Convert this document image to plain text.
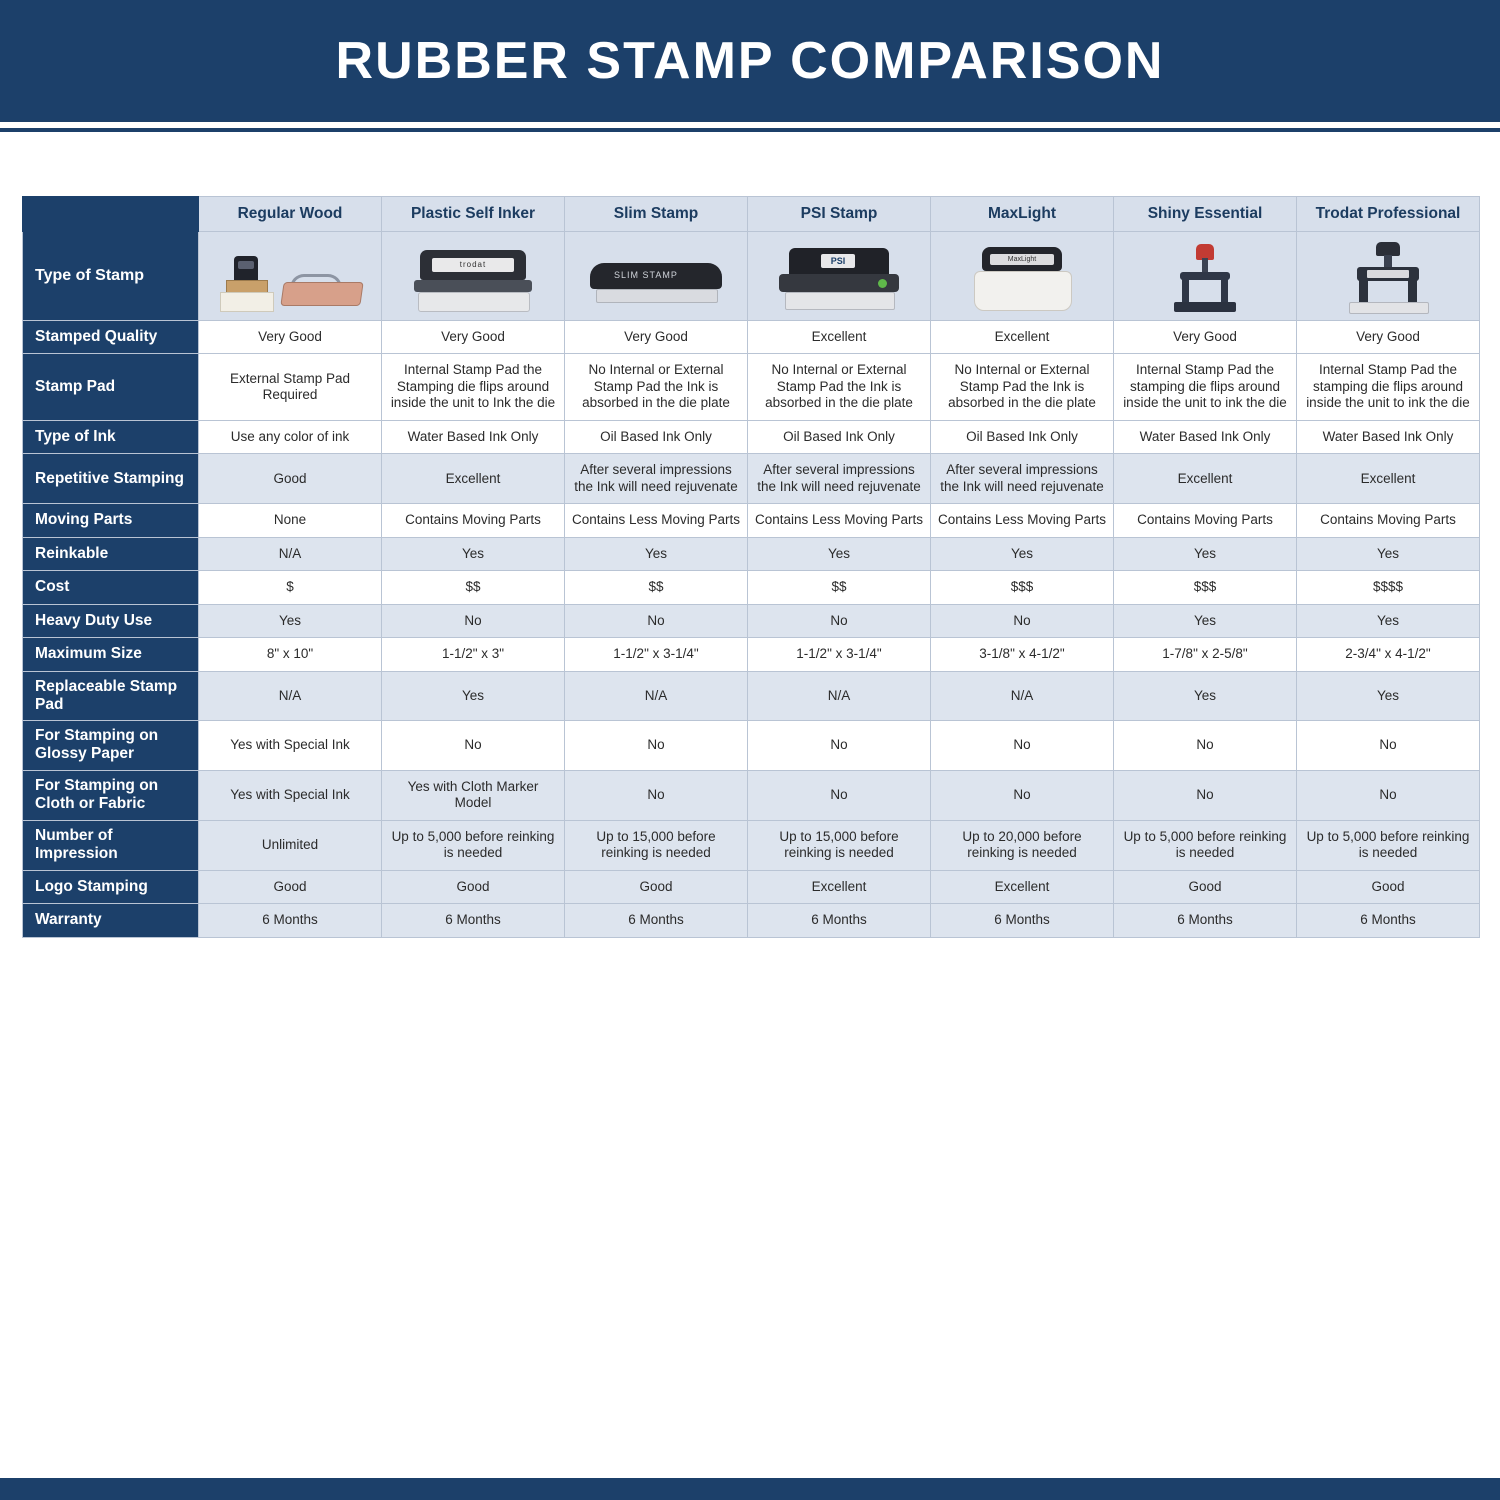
RUBBER STAMP COMPARISON
	Regular Wood	Plastic Self Inker	Slim Stamp	PSI Stamp	MaxLight	Shiny Essential	Trodat Professional
Type of Stamp		trodat	SLIM STAMP	PSI	MaxLight		

Stamped Quality	Very Good	Very Good	Very Good	Excellent	Excellent	Very Good	Very Good
Stamp Pad	External Stamp Pad Required	Internal Stamp Pad the Stamping die flips around inside the unit to Ink the die	No Internal or External Stamp Pad the Ink is absorbed in the die plate	No Internal or External Stamp Pad the Ink is absorbed in the die plate	No Internal or External Stamp Pad the Ink is absorbed in the die plate	Internal Stamp Pad the stamping die flips around inside the unit to ink the die	Internal Stamp Pad the stamping die flips around inside the unit to ink the die
Type of Ink	Use any color of ink	Water Based Ink Only	Oil Based Ink Only	Oil Based Ink Only	Oil Based Ink Only	Water Based Ink Only	Water Based Ink Only
Repetitive Stamping	Good	Excellent	After several impressions the Ink will need rejuvenate	After several impressions the Ink will need rejuvenate	After several impressions the Ink will need rejuvenate	Excellent	Excellent
Moving Parts	None	Contains Moving Parts	Contains Less Moving Parts	Contains Less Moving Parts	Contains Less Moving Parts	Contains Moving Parts	Contains Moving Parts
Reinkable	N/A	Yes	Yes	Yes	Yes	Yes	Yes
Cost	$	$$	$$	$$	$$$	$$$	$$$$
Heavy Duty Use	Yes	No	No	No	No	Yes	Yes
Maximum Size	8" x 10"	1-1/2" x 3"	1-1/2" x 3-1/4"	1-1/2" x 3-1/4"	3-1/8" x 4-1/2"	1-7/8" x 2-5/8"	2-3/4" x 4-1/2"
Replaceable Stamp Pad	N/A	Yes	N/A	N/A	N/A	Yes	Yes
For Stamping on Glossy Paper	Yes with Special Ink	No	No	No	No	No	No
For Stamping on Cloth or Fabric	Yes with Special Ink	Yes with Cloth Marker Model	No	No	No	No	No
Number of Impression	Unlimited	Up to 5,000 before reinking is needed	Up to 15,000 before reinking is needed	Up to 15,000 before reinking is needed	Up to 20,000 before reinking is needed	Up to 5,000 before reinking is needed	Up to 5,000 before reinking is needed
Logo Stamping	Good	Good	Good	Excellent	Excellent	Good	Good
Warranty	6 Months	6 Months	6 Months	6 Months	6 Months	6 Months	6 Months
